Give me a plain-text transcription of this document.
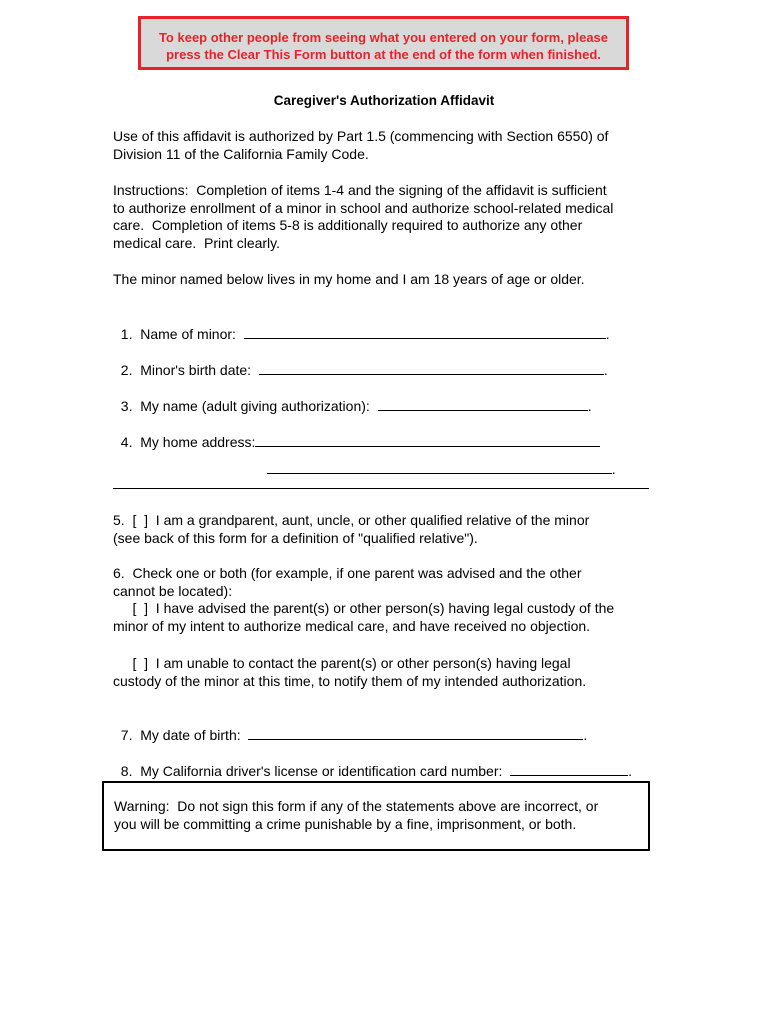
To keep other people from seeing what you entered on your form, please
press the Clear This Form button at the end of the form when finished.
Caregiver's Authorization Affidavit
Use of this affidavit is authorized by Part 1.5 (commencing with Section 6550) of
Division 11 of the California Family Code.
Instructions:  Completion of items 1-4 and the signing of the affidavit is sufficient
to authorize enrollment of a minor in school and authorize school-related medical
care.  Completion of items 5-8 is additionally required to authorize any other
medical care.  Print clearly.
The minor named below lives in my home and I am 18 years of age or older.

1.  Name of minor:	.

2.  Minor's birth date:	.

3.  My name (adult giving authorization):	.

4.  My home address:

.

5.  [  ]  I am a grandparent, aunt, uncle, or other qualified relative of the minor
(see back of this form for a definition of "qualified relative").
6.  Check one or both (for example, if one parent was advised and the other
cannot be located):
[  ]  I have advised the parent(s) or other person(s) having legal custody of the
minor of my intent to authorize medical care, and have received no objection.
[  ]  I am unable to contact the parent(s) or other person(s) having legal
custody of the minor at this time, to notify them of my intended authorization.

7.  My date of birth:	.

8.  My California driver's license or identification card number:	.

Warning:  Do not sign this form if any of the statements above are incorrect, or
you will be committing a crime punishable by a fine, imprisonment, or both.
